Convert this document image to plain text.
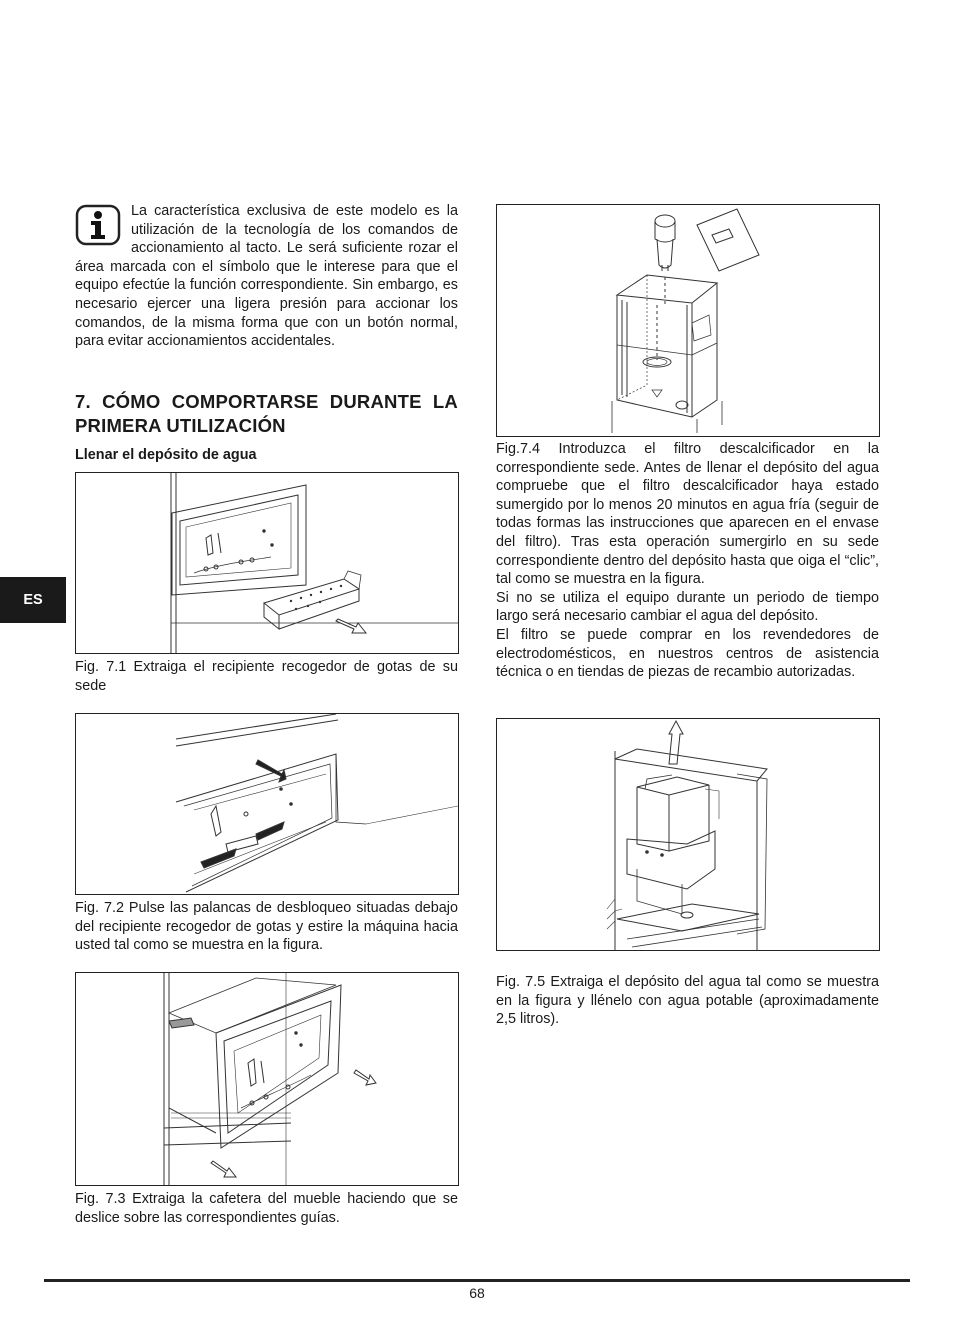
La característica exclusiva de este modelo es la utilización de la tecnología de los comandos de accionamiento al tacto. Le será suficiente rozar el área marcada con el símbolo que le interese para que el equipo efectúe la función correspondiente. Sin embargo, es necesario ejercer una ligera presión para accionar los comandos, de la misma forma que con un botón normal, para evitar accionamientos accidentales.

7. CÓMO COMPORTARSE DURANTE LA
PRIMERA UTILIZACIÓN

Llenar el depósito de agua

ES

Fig. 7.1 Extraiga el recipiente recogedor de gotas de su sede

Fig. 7.2 Pulse las palancas de desbloqueo situadas debajo del recipiente recogedor de gotas y estire la máquina hacia usted tal como se muestra en la figura.

Fig. 7.3 Extraiga la cafetera del mueble haciendo que se deslice sobre las correspondientes guías.

Fig.7.4 Introduzca el filtro descalcificador en la correspondiente sede. Antes de llenar el depósito del agua compruebe que el filtro descalcificador haya estado sumergido por lo menos 20 minutos en agua fría (seguir de todas formas las instrucciones que aparecen en el envase del filtro). Tras esta operación sumergirlo en su sede correspondiente dentro del depósito hasta que oiga el “clic”, tal como se muestra en la figura.

Si no se utiliza el equipo durante un periodo de tiempo largo será necesario cambiar el agua del depósito.

El filtro se puede comprar en los revendedores de electrodomésticos, en nuestros centros de asistencia técnica o en tiendas de piezas de recambio autorizadas.

Fig. 7.5 Extraiga el depósito del agua tal como se muestra en la figura y llénelo con agua potable (aproximadamente 2,5 litros).

68
